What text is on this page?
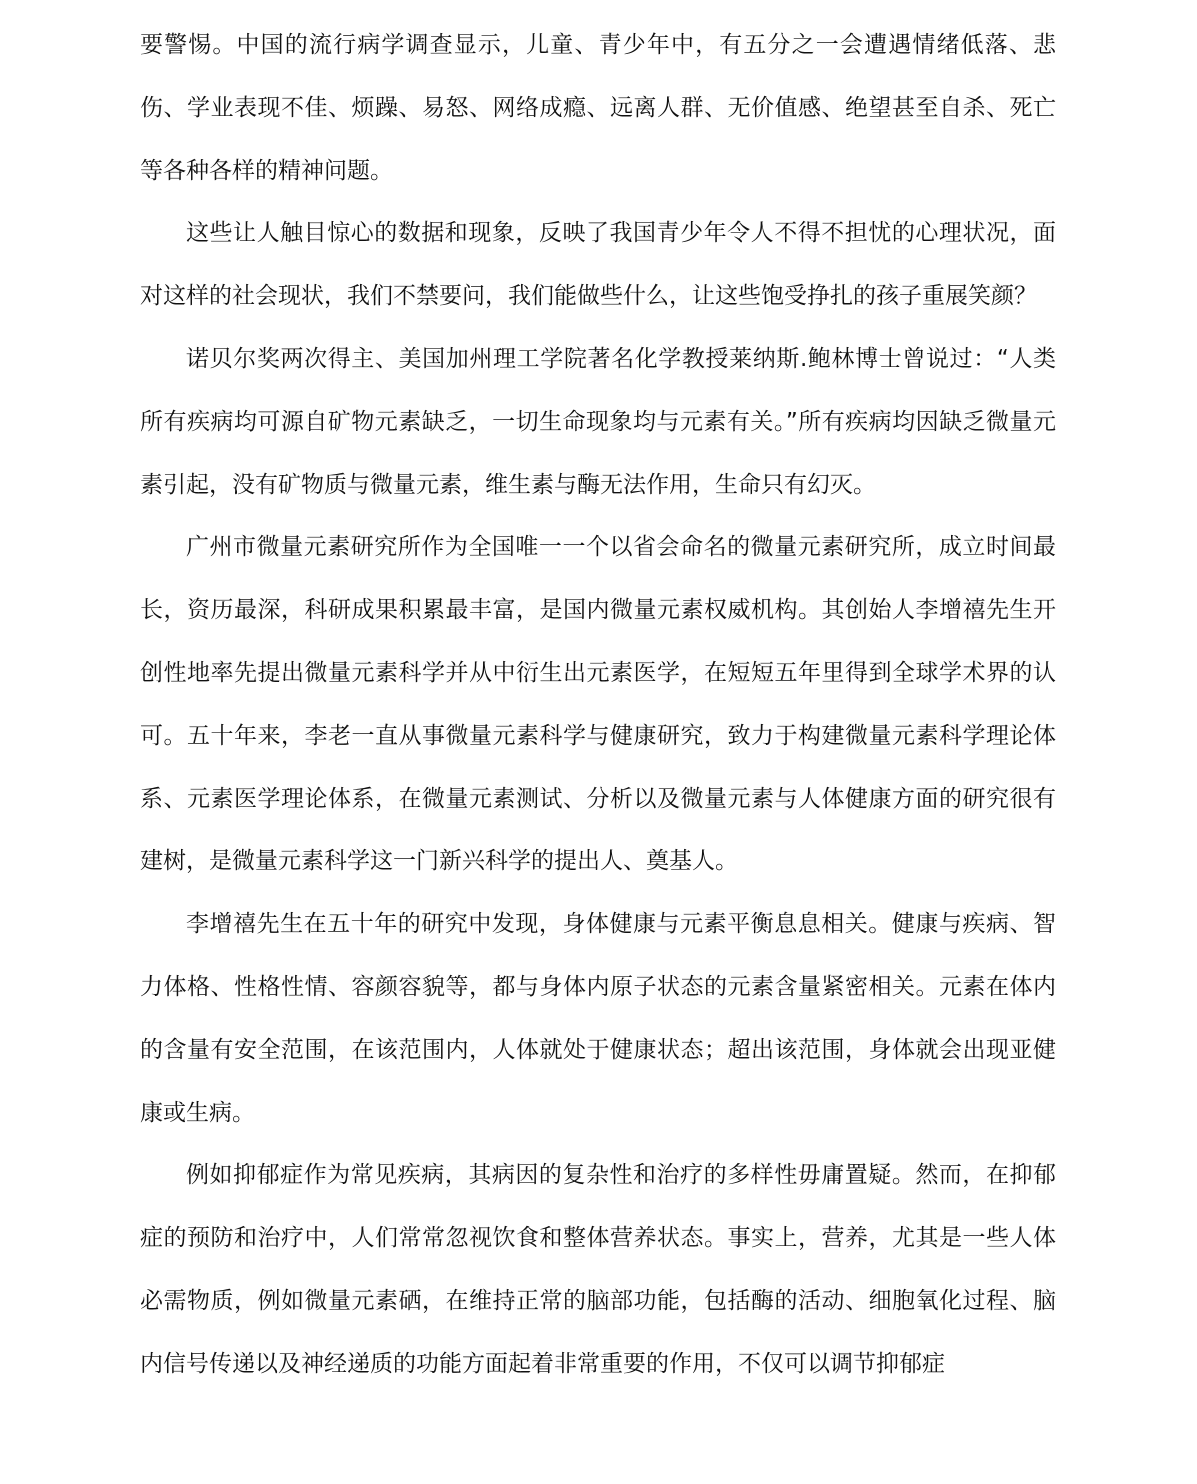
要警惕。中国的流行病学调查显示，儿童、青少年中，有五分之一会遭遇情绪低落、悲伤、学业表现不佳、烦躁、易怒、网络成瘾、远离人群、无价值感、绝望甚至自杀、死亡等各种各样的精神问题。

这些让人触目惊心的数据和现象，反映了我国青少年令人不得不担忧的心理状况，面对这样的社会现状，我们不禁要问，我们能做些什么，让这些饱受挣扎的孩子重展笑颜？

诺贝尔奖两次得主、美国加州理工学院著名化学教授莱纳斯.鲍林博士曾说过：“人类所有疾病均可源自矿物元素缺乏，一切生命现象均与元素有关。”所有疾病均因缺乏微量元素引起，没有矿物质与微量元素，维生素与酶无法作用，生命只有幻灭。

广州市微量元素研究所作为全国唯一一个以省会命名的微量元素研究所，成立时间最长，资历最深，科研成果积累最丰富，是国内微量元素权威机构。其创始人李增禧先生开创性地率先提出微量元素科学并从中衍生出元素医学，在短短五年里得到全球学术界的认可。五十年来，李老一直从事微量元素科学与健康研究，致力于构建微量元素科学理论体系、元素医学理论体系，在微量元素测试、分析以及微量元素与人体健康方面的研究很有建树，是微量元素科学这一门新兴科学的提出人、奠基人。

李增禧先生在五十年的研究中发现，身体健康与元素平衡息息相关。健康与疾病、智力体格、性格性情、容颜容貌等，都与身体内原子状态的元素含量紧密相关。元素在体内的含量有安全范围，在该范围内，人体就处于健康状态；超出该范围，身体就会出现亚健康或生病。

例如抑郁症作为常见疾病，其病因的复杂性和治疗的多样性毋庸置疑。然而，在抑郁症的预防和治疗中，人们常常忽视饮食和整体营养状态。事实上，营养，尤其是一些人体必需物质，例如微量元素硒，在维持正常的脑部功能，包括酶的活动、细胞氧化过程、脑内信号传递以及神经递质的功能方面起着非常重要的作用，不仅可以调节抑郁症
